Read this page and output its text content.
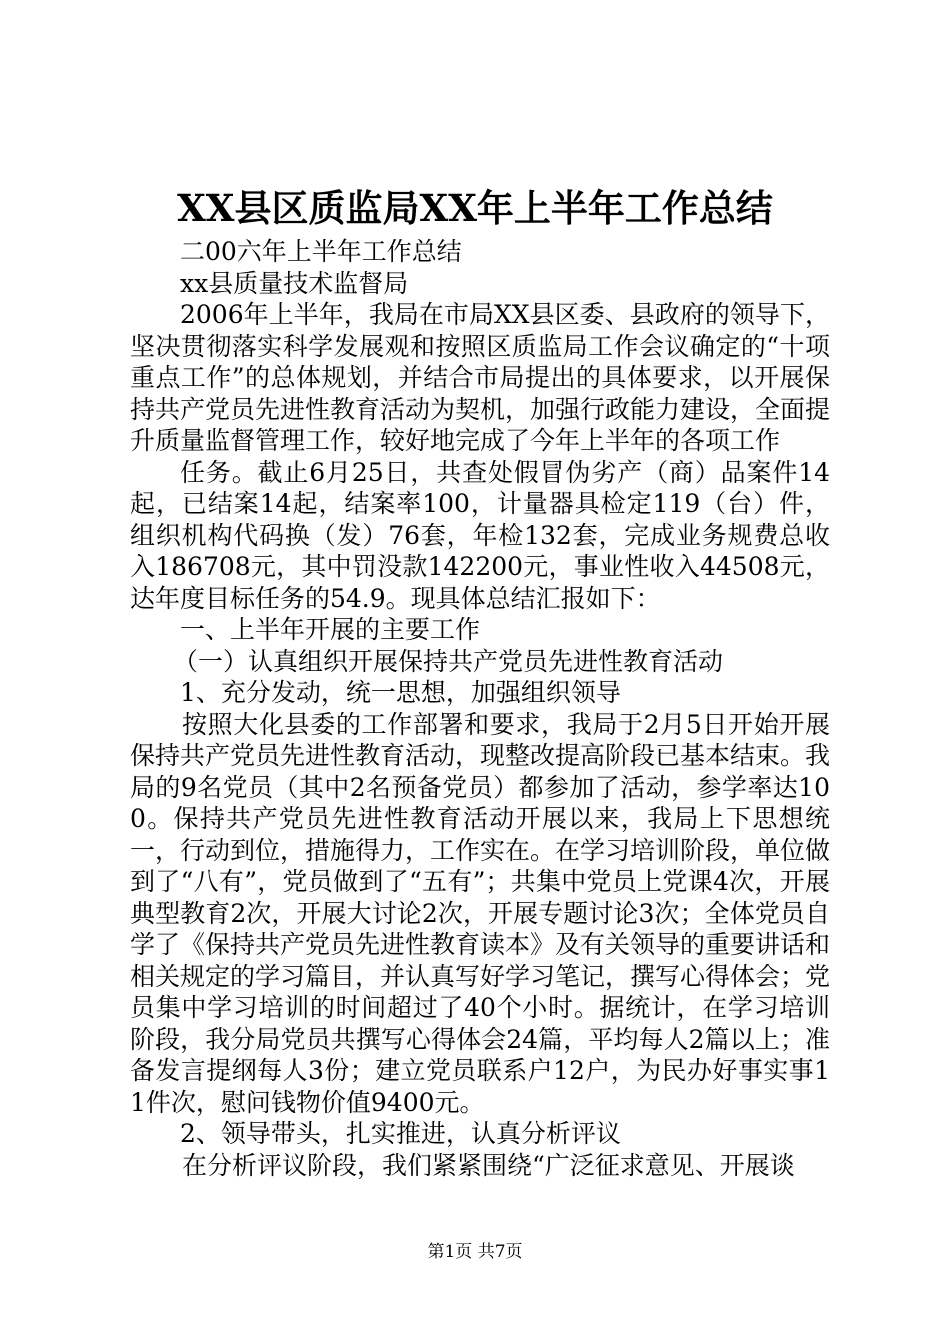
XX县区质监局XX年上半年工作总结

二00六年上半年工作总结

xx县质量技术监督局

2006年上半年，我局在市局XX县区委、县政府的领导下，坚决贯彻落实科学发展观和按照区质监局工作会议确定的“十项重点工作”的总体规划，并结合市局提出的具体要求，以开展保持共产党员先进性教育活动为契机，加强行政能力建设，全面提升质量监督管理工作，较好地完成了今年上半年的各项工作

任务。截止6月25日，共查处假冒伪劣产（商）品案件14起，已结案14起，结案率100，计量器具检定119（台）件，组织机构代码换（发）76套，年检132套，完成业务规费总收入186708元，其中罚没款142200元，事业性收入44508元，达年度目标任务的54.9。现具体总结汇报如下：

一、上半年开展的主要工作

（一）认真组织开展保持共产党员先进性教育活动

1、充分发动，统一思想，加强组织领导

按照大化县委的工作部署和要求，我局于2月5日开始开展保持共产党员先进性教育活动，现整改提高阶段已基本结束。我局的9名党员（其中2名预备党员）都参加了活动，参学率达100。保持共产党员先进性教育活动开展以来，我局上下思想统一，行动到位，措施得力，工作实在。在学习培训阶段，单位做到了“八有”，党员做到了“五有”；共集中党员上党课4次，开展典型教育2次，开展大讨论2次，开展专题讨论3次；全体党员自学了《保持共产党员先进性教育读本》及有关领导的重要讲话和相关规定的学习篇目，并认真写好学习笔记，撰写心得体会；党员集中学习培训的时间超过了40个小时。据统计，在学习培训阶段，我分局党员共撰写心得体会24篇，平均每人2篇以上；准备发言提纲每人3份；建立党员联系户12户，为民办好事实事11件次，慰问钱物价值9400元。

2、领导带头，扎实推进，认真分析评议

在分析评议阶段，我们紧紧围绕“广泛征求意见、开展谈

第1页 共7页
